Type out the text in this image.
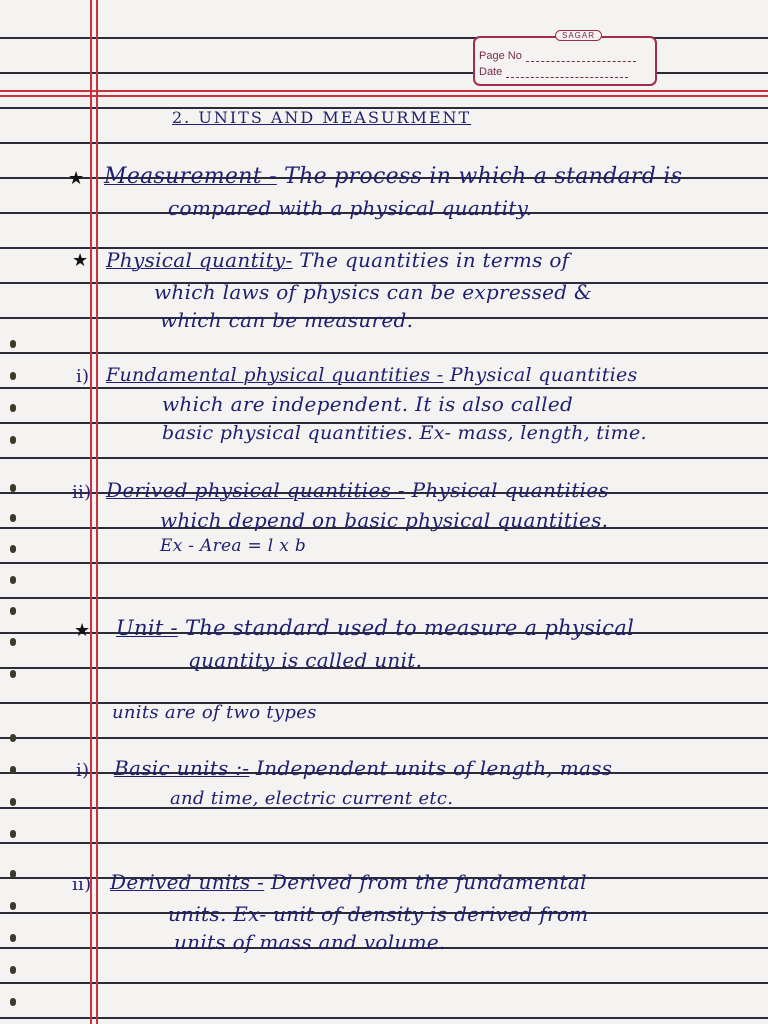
SAGAR
Page No
Date
2. UNITS AND MEASURMENT
★ Measurement - The process in which a standard is
compared with a physical quantity.
★ Physical quantity- The quantities in terms of
which laws of physics can be expressed &
which can be measured.
i) Fundamental physical quantities - Physical quantities
which are independent. It is also called
basic physical quantities. Ex- mass, length, time.
ii) Derived physical quantities - Physical quantities
which depend on basic physical quantities.
Ex - Area = l x b
★ Unit - The standard used to measure a physical
quantity is called unit.
units are of two types
i) Basic units :- Independent units of length, mass
and time, electric current etc.
ii) Derived units - Derived from the fundamental
units. Ex- unit of density is derived from
units of mass and volume.
